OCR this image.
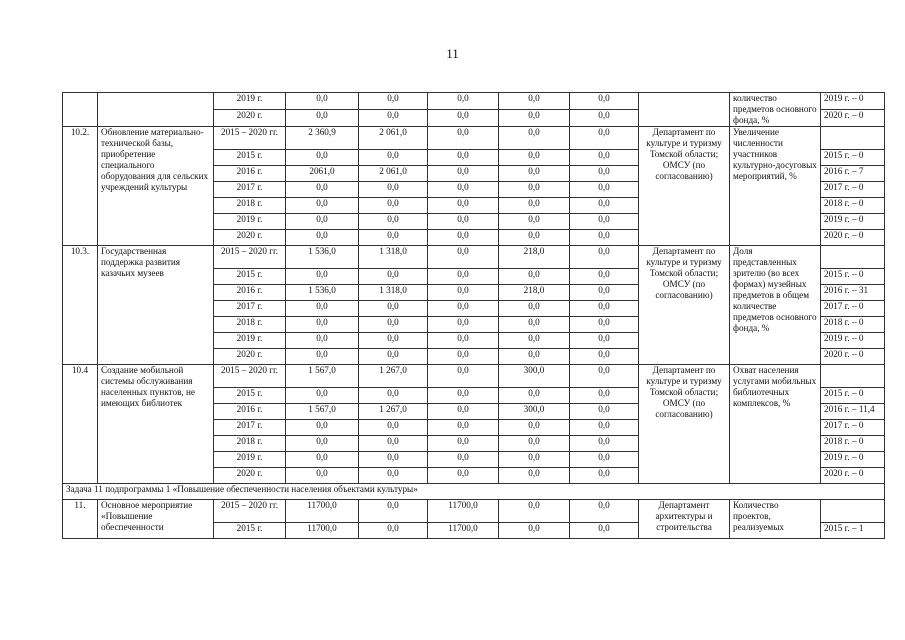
11
		2019 г.	0,0	0,0	0,0	0,0	0,0		количество предметов основного фонда, %	2019 г. – 0
		2020 г.	0,0	0,0	0,0	0,0	0,0			2020 г. – 0
10.2.	Обновление материально-технической базы, приобретение специального оборудования для сельских учреждений культуры	2015 – 2020 гг.	2 360,9	2 061,0	0,0	0,0	0,0	Департамент по культуре и туризму Томской области; ОМСУ (по согласованию)	Увеличение численности участников культурно-досуговых мероприятий, %	
		2015 г.	0,0	0,0	0,0	0,0	0,0			2015 г. – 0
		2016 г.	2061,0	2 061,0	0,0	0,0	0,0			2016 г. – 7
		2017 г.	0,0	0,0	0,0	0,0	0,0			2017 г. – 0
		2018 г.	0,0	0,0	0,0	0,0	0,0			2018 г. – 0
		2019 г.	0,0	0,0	0,0	0,0	0,0			2019 г. – 0
		2020 г.	0,0	0,0	0,0	0,0	0,0			2020 г. – 0
10.3.	Государственная поддержка развития казачьих музеев	2015 – 2020 гг.	1 536,0	1 318,0	0,0	218,0	0,0	Департамент по культуре и туризму Томской области; ОМСУ (по согласованию)	Доля представленных зрителю (во всех формах) музейных предметов в общем количестве предметов основного фонда, %	
		2015 г.	0,0	0,0	0,0	0,0	0,0			2015 г. – 0
		2016 г.	1 536,0	1 318,0	0,0	218,0	0,0			2016 г. – 31
		2017 г.	0,0	0,0	0,0	0,0	0,0			2017 г. – 0
		2018 г.	0,0	0,0	0,0	0,0	0,0			2018 г. – 0
		2019 г.	0,0	0,0	0,0	0,0	0,0			2019 г. – 0
		2020 г.	0,0	0,0	0,0	0,0	0,0			2020 г. – 0
10.4	Создание мобильной системы обслуживания населенных пунктов, не имеющих библиотек	2015 – 2020 гг.	1 567,0	1 267,0	0,0	300,0	0,0	Департамент по культуре и туризму Томской области; ОМСУ (по согласованию)	Охват населения услугами мобильных библиотечных комплексов, %	
		2015 г.	0,0	0,0	0,0	0,0	0,0			2015 г. – 0
		2016 г.	1 567,0	1 267,0	0,0	300,0	0,0			2016 г. – 11,4
		2017 г.	0,0	0,0	0,0	0,0	0,0			2017 г. – 0
		2018 г.	0,0	0,0	0,0	0,0	0,0			2018 г. – 0
		2019 г.	0,0	0,0	0,0	0,0	0,0			2019 г. – 0
		2020 г.	0,0	0,0	0,0	0,0	0,0			2020 г. – 0
Задача 11 подпрограммы 1 «Повышение обеспеченности населения объектами культуры»										
11.	Основное мероприятие «Повышение обеспеченности	2015 – 2020 гг.	11700,0	0,0	11700,0	0,0	0,0	Департамент архитектуры и строительства	Количество проектов, реализуемых	
		2015 г.	11700,0	0,0	11700,0	0,0	0,0			2015 г. – 1
